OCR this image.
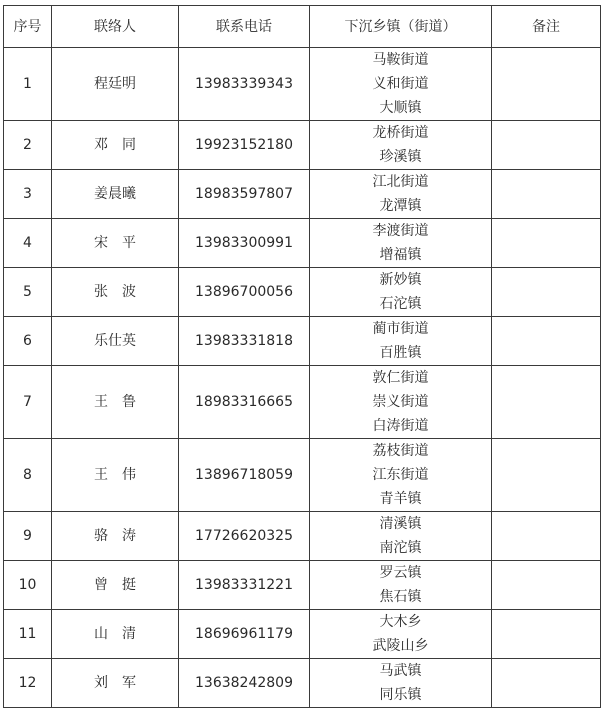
序号	联络人	联系电话	下沉乡镇（街道）	备注
1	程廷明	13983339343	马鞍街道
义和街道
大顺镇	

2	邓　同	19923152180	龙桥街道
珍溪镇	

3	姜晨曦	18983597807	江北街道
龙潭镇	

4	宋　平	13983300991	李渡街道
增福镇	

5	张　波	13896700056	新妙镇
石沱镇	

6	乐仕英	13983331818	蔺市街道
百胜镇	

7	王　鲁	18983316665	敦仁街道
崇义街道
白涛街道	

8	王　伟	13896718059	荔枝街道
江东街道
青羊镇	

9	骆　涛	17726620325	清溪镇
南沱镇	

10	曾　挺	13983331221	罗云镇
焦石镇	

11	山　清	18696961179	大木乡
武陵山乡	

12	刘　军	13638242809	马武镇
同乐镇	
